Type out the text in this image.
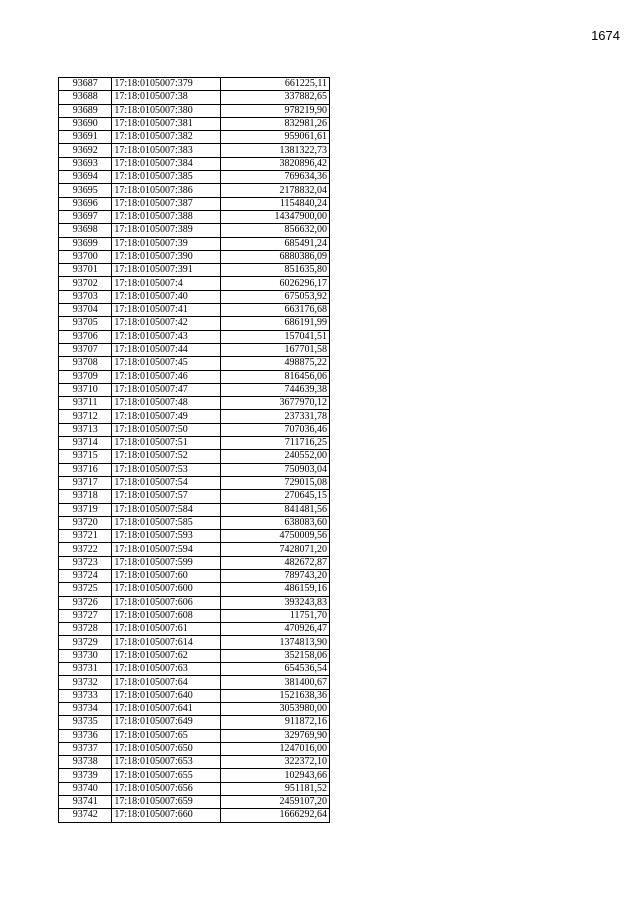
1674
93687	17:18:0105007:379	661225,11
93688	17:18:0105007:38	337882,65
93689	17:18:0105007:380	978219,90
93690	17:18:0105007:381	832981,26
93691	17:18:0105007:382	959061,61
93692	17:18:0105007:383	1381322,73
93693	17:18:0105007:384	3820896,42
93694	17:18:0105007:385	769634,36
93695	17:18:0105007:386	2178832,04
93696	17:18:0105007:387	1154840,24
93697	17:18:0105007:388	14347900,00
93698	17:18:0105007:389	856632,00
93699	17:18:0105007:39	685491,24
93700	17:18:0105007:390	6880386,09
93701	17:18:0105007:391	851635,80
93702	17:18:0105007:4	6026296,17
93703	17:18:0105007:40	675053,92
93704	17:18:0105007:41	663176,68
93705	17:18:0105007:42	686191,99
93706	17:18:0105007:43	157041,51
93707	17:18:0105007:44	167701,58
93708	17:18:0105007:45	498875,22
93709	17:18:0105007:46	816456,06
93710	17:18:0105007:47	744639,38
93711	17:18:0105007:48	3677970,12
93712	17:18:0105007:49	237331,78
93713	17:18:0105007:50	707036,46
93714	17:18:0105007:51	711716,25
93715	17:18:0105007:52	240552,00
93716	17:18:0105007:53	750903,04
93717	17:18:0105007:54	729015,08
93718	17:18:0105007:57	270645,15
93719	17:18:0105007:584	841481,56
93720	17:18:0105007:585	638083,60
93721	17:18:0105007:593	4750009,56
93722	17:18:0105007:594	7428071,20
93723	17:18:0105007:599	482672,87
93724	17:18:0105007:60	789743,20
93725	17:18:0105007:600	486159,16
93726	17:18:0105007:606	393243,83
93727	17:18:0105007:608	11751,70
93728	17:18:0105007:61	470926,47
93729	17:18:0105007:614	1374813,90
93730	17:18:0105007:62	352158,06
93731	17:18:0105007:63	654536,54
93732	17:18:0105007:64	381400,67
93733	17:18:0105007:640	1521638,36
93734	17:18:0105007:641	3053980,00
93735	17:18:0105007:649	911872,16
93736	17:18:0105007:65	329769,90
93737	17:18:0105007:650	1247016,00
93738	17:18:0105007:653	322372,10
93739	17:18:0105007:655	102943,66
93740	17:18:0105007:656	951181,52
93741	17:18:0105007:659	2459107,20
93742	17:18:0105007:660	1666292,64
